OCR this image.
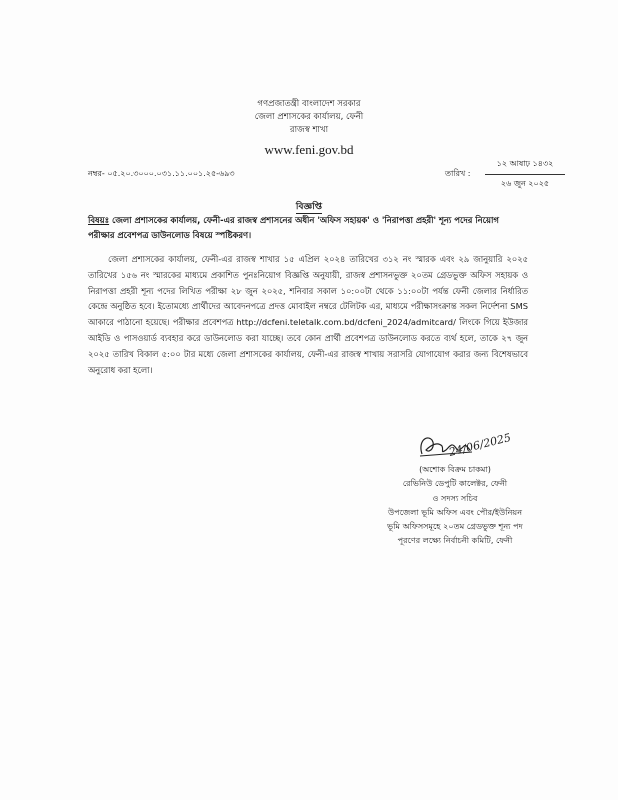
গণপ্রজাতন্ত্রী বাংলাদেশ সরকার
জেলা প্রশাসকের কার্যালয়, ফেনী
রাজস্ব শাখা
www.feni.gov.bd
নম্বর- ০৫.২০.৩০০০.০৩১.১১.০০১.২৫-৬৯৩	তারিখ :
১২ আষাঢ় ১৪৩২
২৬ জুন ২০২৫
বিজ্ঞপ্তি
বিষয়ঃ জেলা প্রশাসকের কার্যালয়, ফেনী-এর রাজস্ব প্রশাসনের অধীন 'অফিস সহায়ক' ও 'নিরাপত্তা প্রহরী' শূন্য পদের নিয়োগ পরীক্ষার প্রবেশপত্র ডাউনলোড বিষয়ে স্পষ্টিকরণ।
জেলা প্রশাসকের কার্যালয়, ফেনী-এর রাজস্ব শাখার ১৫ এপ্রিল ২০২৪ তারিখের ৩১২ নং স্মারক এবং ২৯ জানুয়ারি ২০২৫ তারিখের ১৫৬ নং স্মারকের মাধ্যমে প্রকাশিত পুনঃনিয়োগ বিজ্ঞপ্তি অনুযায়ী, রাজস্ব প্রশাসনভুক্ত ২০তম গ্রেডভুক্ত অফিস সহায়ক ও নিরাপত্তা প্রহরী শূন্য পদের লিখিত পরীক্ষা ২৮ জুন ২০২৫, শনিবার সকাল ১০:০০টা থেকে ১১:০০টা পর্যন্ত ফেনী জেলার নির্ধারিত কেন্দ্রে অনুষ্ঠিত হবে। ইতোমধ্যে প্রার্থীদের আবেদনপত্রে প্রদত্ত মোবাইল নম্বরে টেলিটক এর, মাধ্যমে পরীক্ষাসংক্রান্ত সকল নির্দেশনা SMS আকারে পাঠানো হয়েছে। পরীক্ষার প্রবেশপত্র http://dcfeni.teletalk.com.bd/dcfeni_2024/admitcard/ লিংকে গিয়ে ইউজার আইডি ও পাসওয়ার্ড ব্যবহার করে ডাউনলোড করা যাচ্ছে। তবে কোন প্রার্থী প্রবেশপত্র ডাউনলোড করতে ব্যর্থ হলে, তাকে ২৭ জুন ২০২৫ তারিখ বিকাল ৫:০০ টার মধ্যে জেলা প্রশাসকের কার্যালয়, ফেনী-এর রাজস্ব শাখায় সরাসরি যোগাযোগ করার জন্য বিশেষভাবে অনুরোধ করা হলো।
24/06/2025
(অশোক বিক্রম চাকমা)
রেভিনিউ ডেপুটি কালেক্টর, ফেনী
ও সদস্য সচিব
উপজেলা ভূমি অফিস এবং পৌর/ইউনিয়ন
ভূমি অফিসসমূহে ২০তম গ্রেডভুক্ত শূন্য পদ
পূরণের লক্ষ্যে নির্বাচনী কমিটি, ফেনী
